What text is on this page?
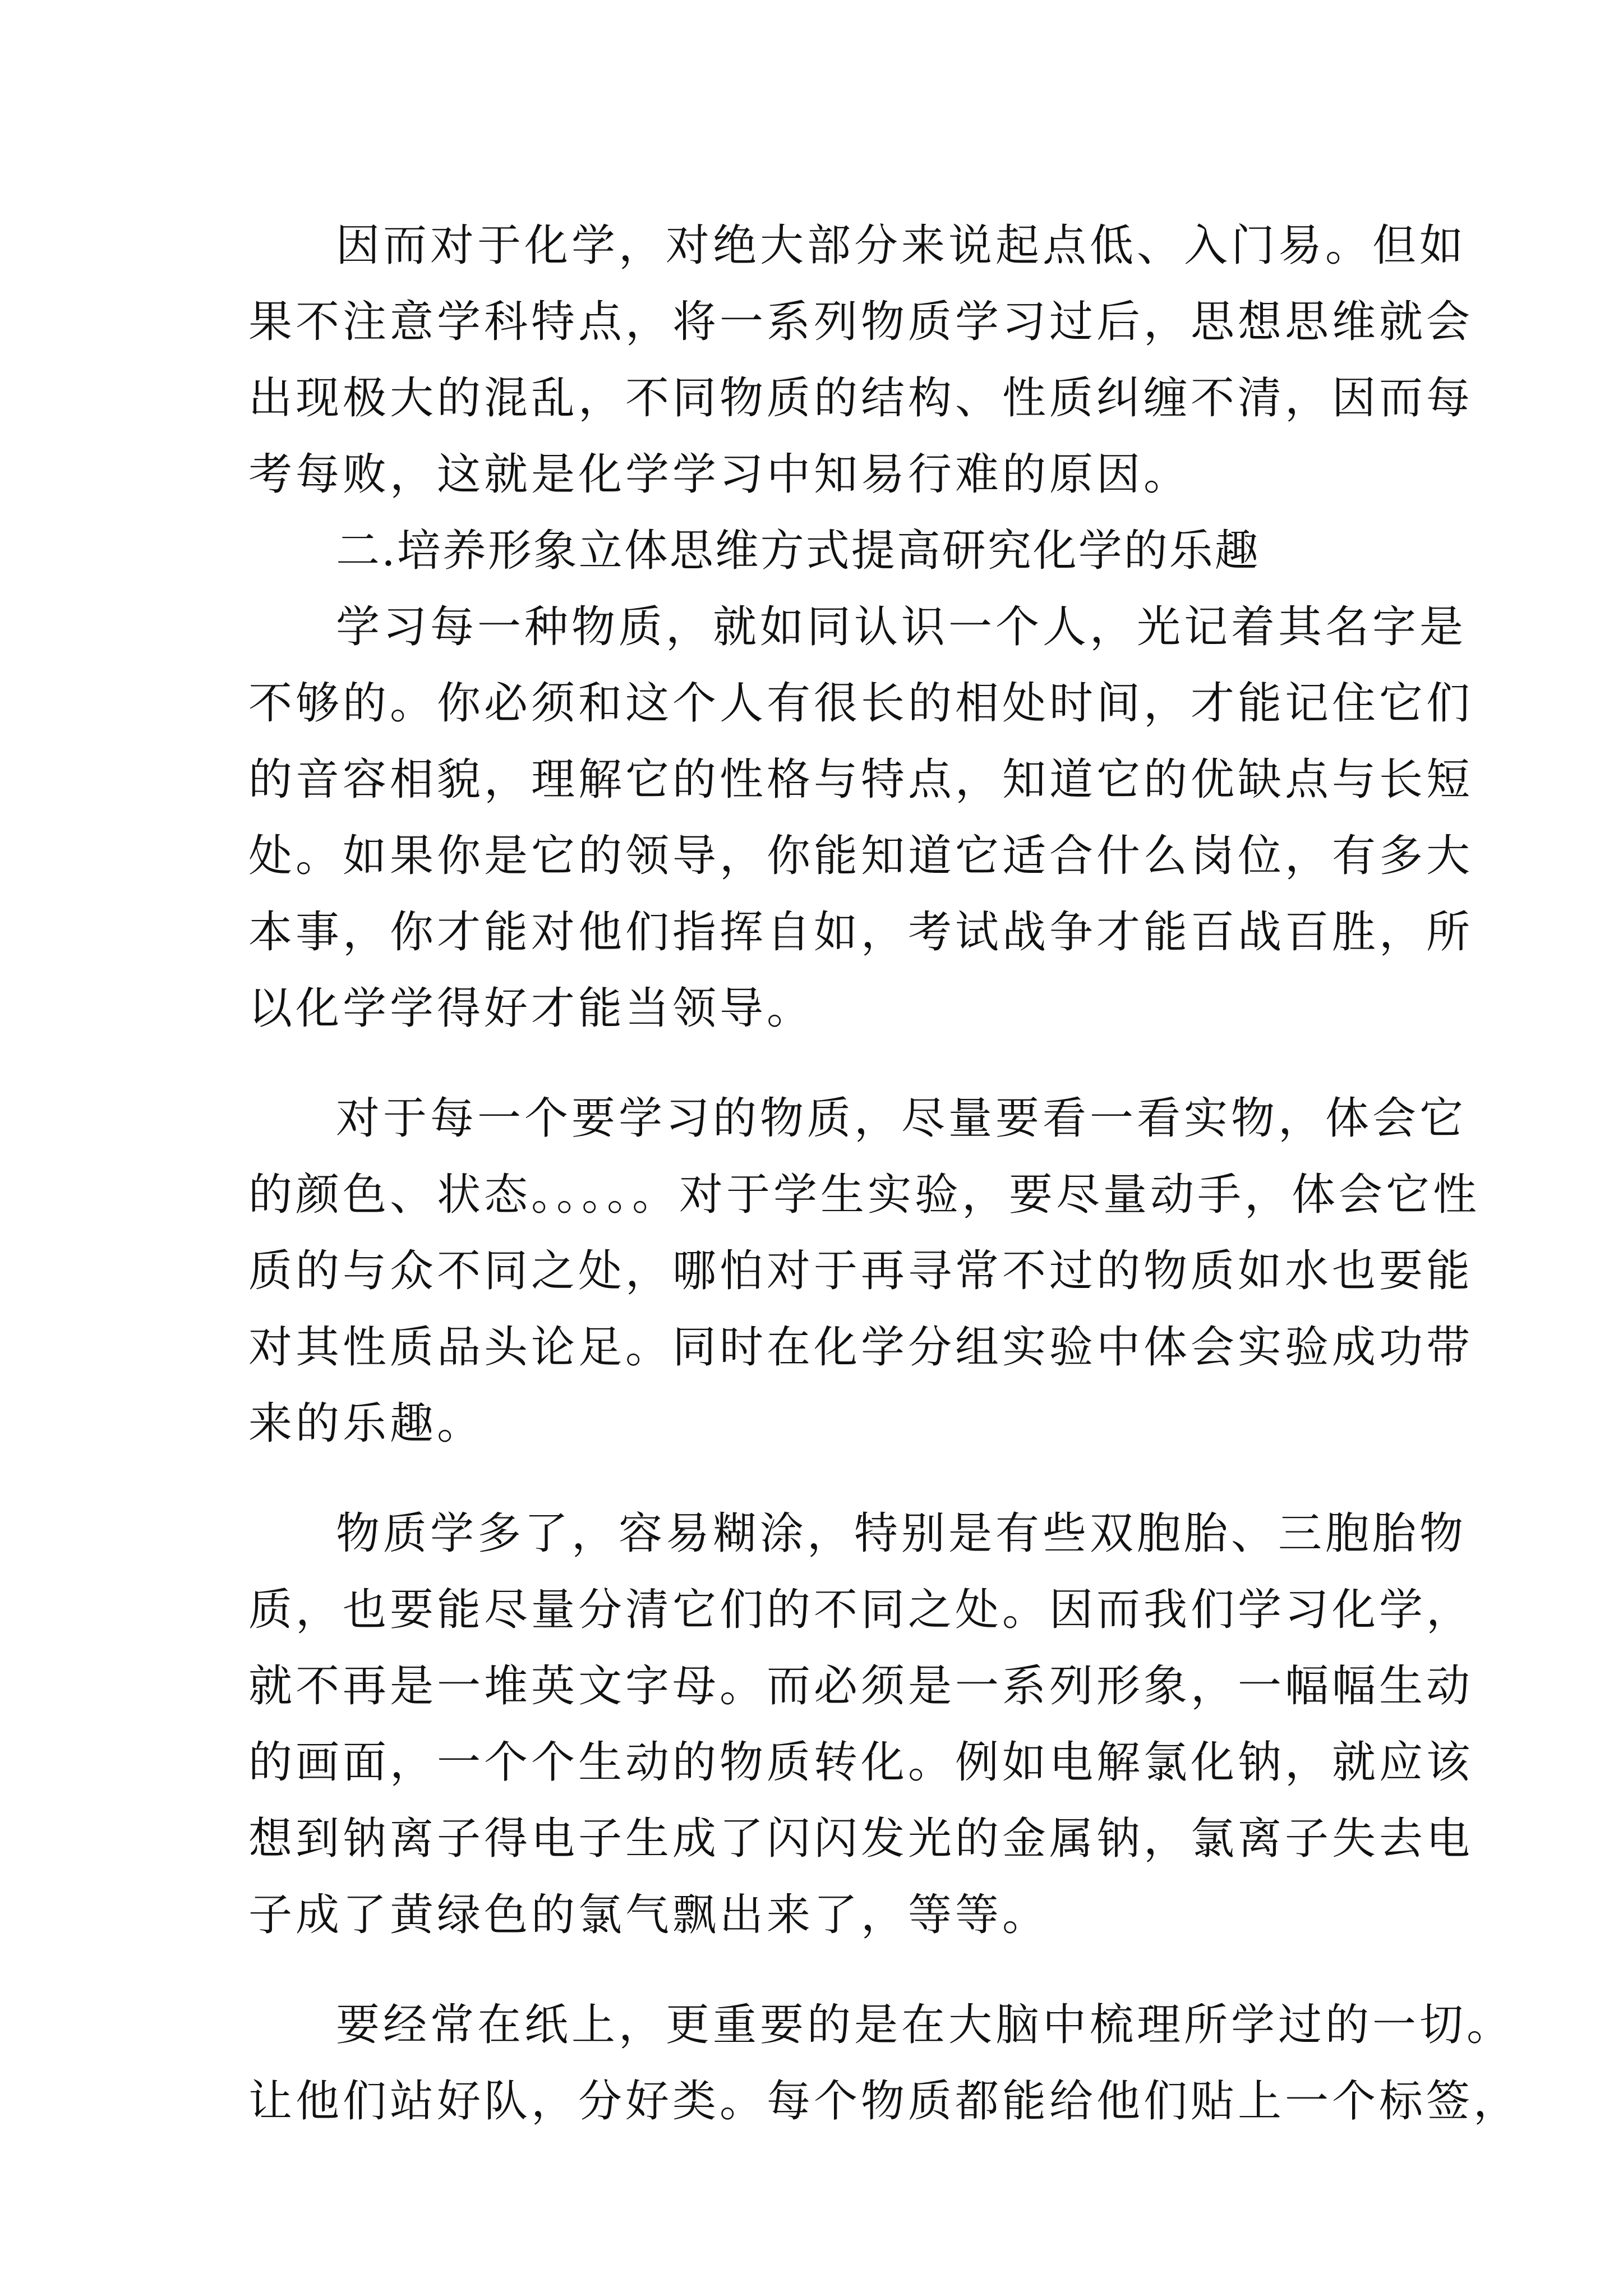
因而对于化学，对绝大部分来说起点低、入门易。但如
果不注意学科特点，将一系列物质学习过后，思想思维就会
出现极大的混乱，不同物质的结构、性质纠缠不清，因而每
考每败，这就是化学学习中知易行难的原因。
二.培养形象立体思维方式提高研究化学的乐趣
学习每一种物质，就如同认识一个人，光记着其名字是
不够的。你必须和这个人有很长的相处时间，才能记住它们
的音容相貌，理解它的性格与特点，知道它的优缺点与长短
处。如果你是它的领导，你能知道它适合什么岗位，有多大
本事，你才能对他们指挥自如，考试战争才能百战百胜，所
以化学学得好才能当领导。
对于每一个要学习的物质，尽量要看一看实物，体会它
的颜色、状态。。。。。对于学生实验，要尽量动手，体会它性
质的与众不同之处，哪怕对于再寻常不过的物质如水也要能
对其性质品头论足。同时在化学分组实验中体会实验成功带
来的乐趣。
物质学多了，容易糊涂，特别是有些双胞胎、三胞胎物
质，也要能尽量分清它们的不同之处。因而我们学习化学，
就不再是一堆英文字母。而必须是一系列形象，一幅幅生动
的画面，一个个生动的物质转化。例如电解氯化钠，就应该
想到钠离子得电子生成了闪闪发光的金属钠，氯离子失去电
子成了黄绿色的氯气飘出来了，等等。
要经常在纸上，更重要的是在大脑中梳理所学过的一切。
让他们站好队，分好类。每个物质都能给他们贴上一个标签，
